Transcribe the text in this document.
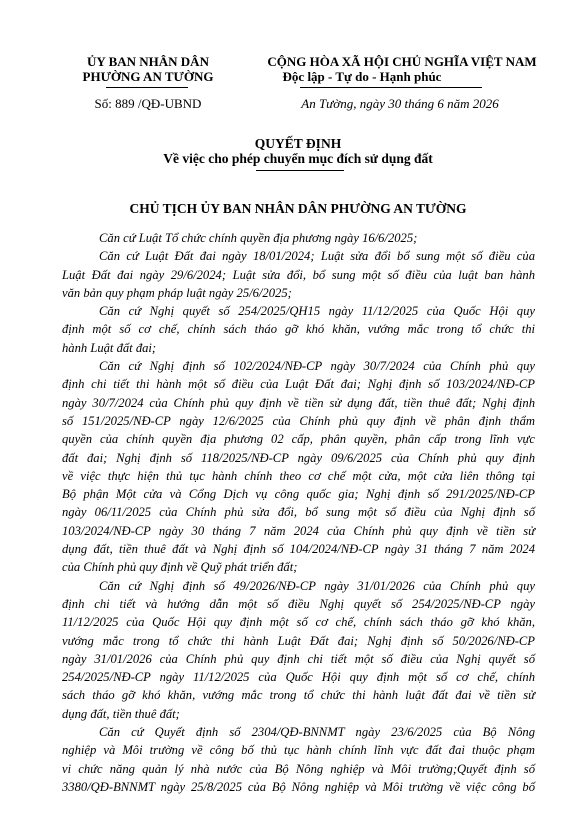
ỦY BAN NHÂN DÂN
PHƯỜNG AN TƯỜNG
CỘNG HÒA XÃ HỘI CHỦ NGHĨA VIỆT NAM
Độc lập - Tự do - Hạnh phúc
Số: 889 /QĐ-UBND	An Tường, ngày 30 tháng 6 năm 2026
QUYẾT ĐỊNH
Về việc cho phép chuyển mục đích sử dụng đất
CHỦ TỊCH ỦY BAN NHÂN DÂN PHƯỜNG AN TƯỜNG
Căn cứ Luật Tổ chức chính quyền địa phương ngày 16/6/2025;
Căn cứ Luật Đất đai ngày 18/01/2024; Luật sửa đổi bổ sung một số điều của
Luật Đất đai ngày 29/6/2024; Luật sửa đổi, bổ sung một số điều của luật ban hành
văn bản quy phạm pháp luật ngày 25/6/2025;
Căn cứ Nghị quyết số 254/2025/QH15 ngày 11/12/2025 của Quốc Hội quy
định một số cơ chế, chính sách tháo gỡ khó khăn, vướng mắc trong tổ chức thi
hành Luật đất đai;
Căn cứ Nghị định số 102/2024/NĐ-CP ngày 30/7/2024 của Chính phủ quy
định chi tiết thi hành một số điều của Luật Đất đai; Nghị định số 103/2024/NĐ-CP
ngày 30/7/2024 của Chính phủ quy định về tiền sử dụng đất, tiền thuê đất; Nghị định
số 151/2025/NĐ-CP ngày 12/6/2025 của Chính phủ quy định về phân định thẩm
quyền của chính quyền địa phương 02 cấp, phân quyền, phân cấp trong lĩnh vực
đất đai; Nghị định số 118/2025/NĐ-CP ngày 09/6/2025 của Chính phủ quy định
về việc thực hiện thủ tục hành chính theo cơ chế một cửa, một cửa liên thông tại
Bộ phận Một cửa và Cổng Dịch vụ công quốc gia; Nghị định số 291/2025/NĐ-CP
ngày 06/11/2025 của Chính phủ sửa đổi, bổ sung một số điều của Nghị định số
103/2024/NĐ-CP ngày 30 tháng 7 năm 2024 của Chính phủ quy định về tiền sử
dụng đất, tiền thuê đất và Nghị định số 104/2024/NĐ-CP ngày 31 tháng 7 năm 2024
của Chính phủ quy định về Quỹ phát triển đất;
Căn cứ Nghị định số 49/2026/NĐ-CP ngày 31/01/2026 của Chính phủ quy
định chi tiết và hướng dẫn một số điều Nghị quyết số 254/2025/NĐ-CP ngày
11/12/2025 của Quốc Hội quy định một số cơ chế, chính sách tháo gỡ khó khăn,
vướng mắc trong tổ chức thi hành Luật Đất đai; Nghị định số 50/2026/NĐ-CP
ngày 31/01/2026 của Chính phủ quy định chi tiết một số điều của Nghị quyết số
254/2025/NĐ-CP ngày 11/12/2025 của Quốc Hội quy định một số cơ chế, chính
sách tháo gỡ khó khăn, vướng mắc trong tổ chức thi hành luật đất đai về tiền sử
dụng đất, tiền thuê đất;
Căn cứ Quyết định số 2304/QĐ-BNNMT ngày 23/6/2025 của Bộ Nông
nghiệp và Môi trường về công bố thủ tục hành chính lĩnh vực đất đai thuộc phạm
vi chức năng quản lý nhà nước của Bộ Nông nghiệp và Môi trường;Quyết định số
3380/QĐ-BNNMT ngày 25/8/2025 của Bộ Nông nghiệp và Môi trường về việc công bố
